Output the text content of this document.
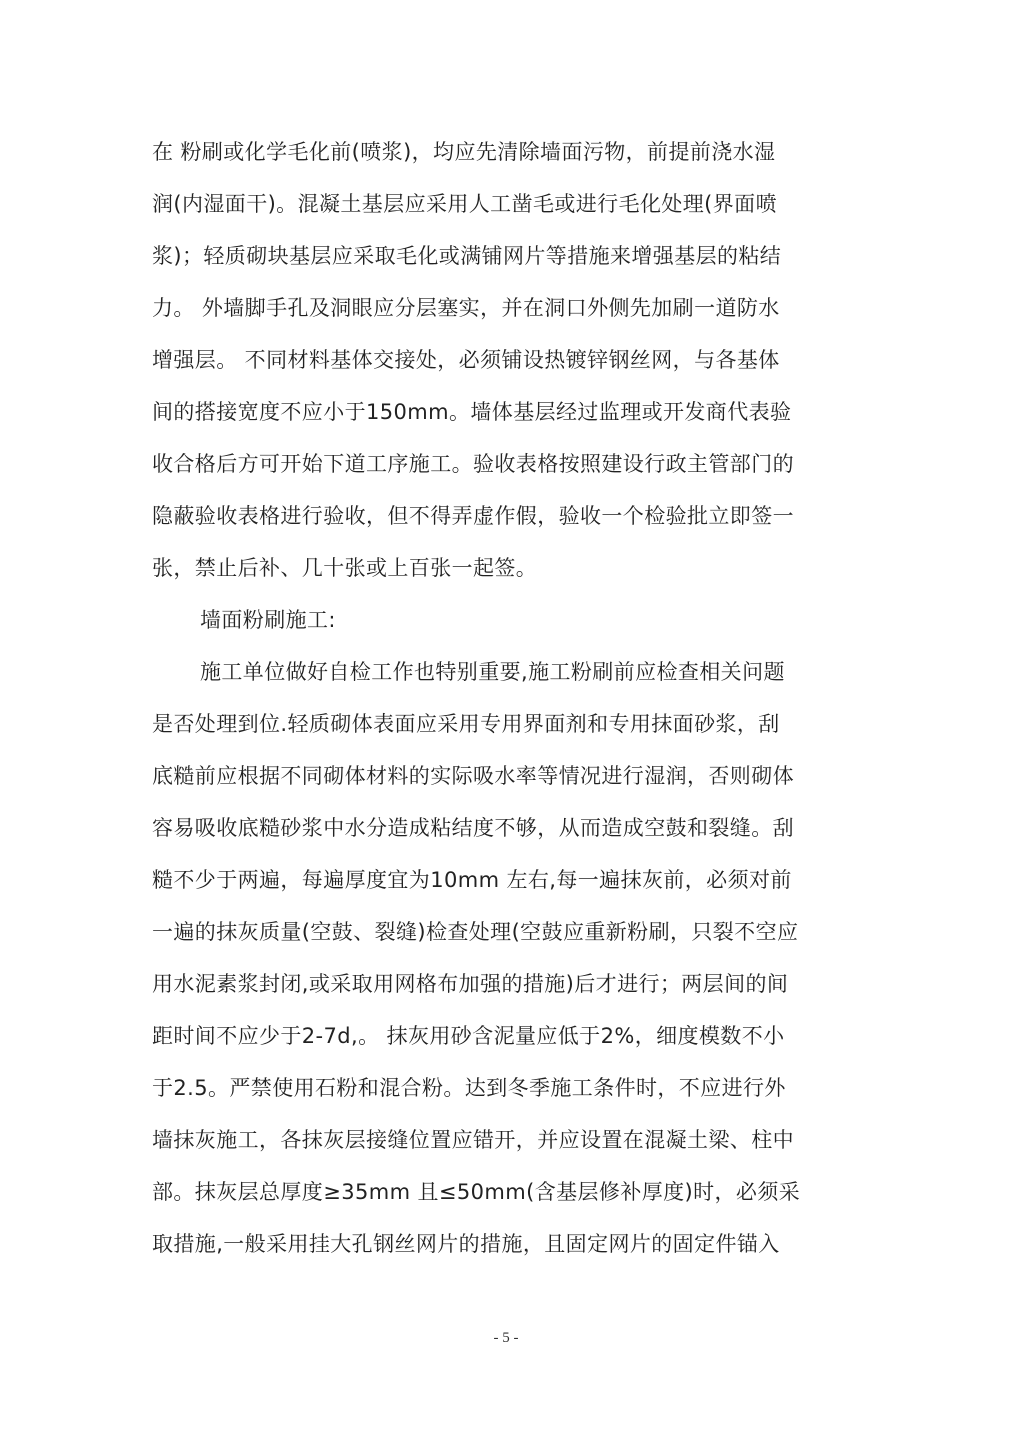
在 粉刷或化学毛化前(喷浆)，均应先清除墙面污物，前提前浇水湿
润(内湿面干)。混凝土基层应采用人工凿毛或进行毛化处理(界面喷
浆)；轻质砌块基层应采取毛化或满铺网片等措施来增强基层的粘结
力。 外墙脚手孔及洞眼应分层塞实，并在洞口外侧先加刷一道防水
增强层。 不同材料基体交接处，必须铺设热镀锌钢丝网，与各基体
间的搭接宽度不应小于150mm。墙体基层经过监理或开发商代表验
收合格后方可开始下道工序施工。验收表格按照建设行政主管部门的
隐蔽验收表格进行验收，但不得弄虚作假，验收一个检验批立即签一
张，禁止后补、几十张或上百张一起签。
墙面粉刷施工:
施工单位做好自检工作也特别重要,施工粉刷前应检查相关问题
是否处理到位.轻质砌体表面应采用专用界面剂和专用抹面砂浆，刮
底糙前应根据不同砌体材料的实际吸水率等情况进行湿润，否则砌体
容易吸收底糙砂浆中水分造成粘结度不够，从而造成空鼓和裂缝。刮
糙不少于两遍，每遍厚度宜为10mm 左右,每一遍抹灰前，必须对前
一遍的抹灰质量(空鼓、裂缝)检查处理(空鼓应重新粉刷，只裂不空应
用水泥素浆封闭,或采取用网格布加强的措施)后才进行；两层间的间
距时间不应少于2-7d,。 抹灰用砂含泥量应低于2%，细度模数不小
于2.5。严禁使用石粉和混合粉。达到冬季施工条件时，不应进行外
墙抹灰施工，各抹灰层接缝位置应错开，并应设置在混凝土梁、柱中
部。抹灰层总厚度≥35mm 且≤50mm(含基层修补厚度)时，必须采
取措施,一般采用挂大孔钢丝网片的措施，且固定网片的固定件锚入
- 5 -
